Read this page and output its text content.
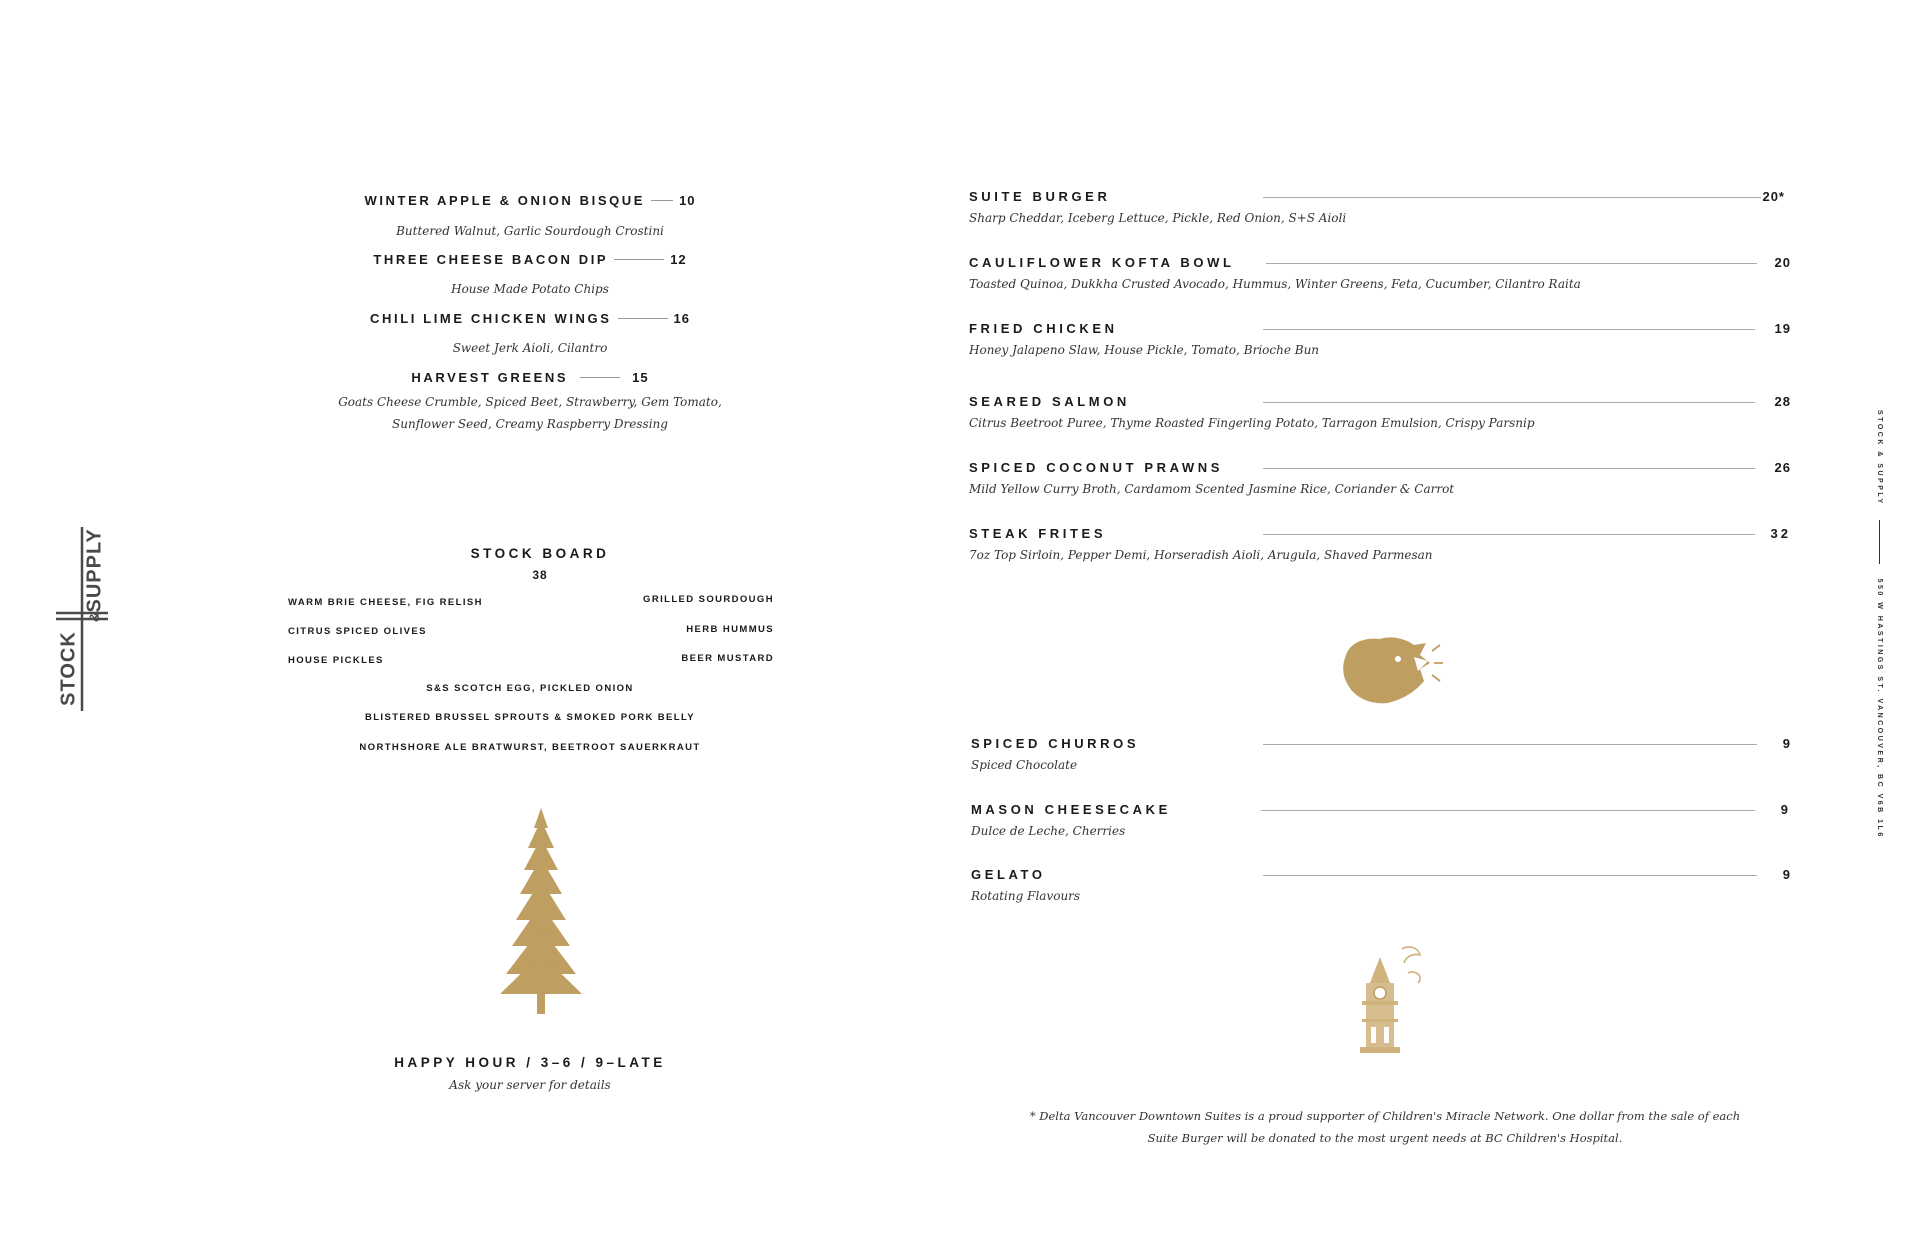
STOCK
SUPPLY
&
WINTER APPLE & ONION BISQUE	10
Buttered Walnut, Garlic Sourdough Crostini
THREE CHEESE BACON DIP	12
House Made Potato Chips
CHILI LIME CHICKEN WINGS	16
Sweet Jerk Aioli, Cilantro
HARVEST GREENS	15
Goats Cheese Crumble, Spiced Beet, Strawberry, Gem Tomato,
Sunflower Seed, Creamy Raspberry Dressing
STOCK BOARD
38
WARM BRIE CHEESE, FIG RELISH
CITRUS SPICED OLIVES
HOUSE PICKLES
GRILLED SOURDOUGH
HERB HUMMUS
BEER MUSTARD
S&S SCOTCH EGG, PICKLED ONION
BLISTERED BRUSSEL SPROUTS & SMOKED PORK BELLY
NORTHSHORE ALE BRATWURST, BEETROOT SAUERKRAUT
HAPPY HOUR / 3–6 / 9–LATE
Ask your server for details
SUITE BURGER	20*
Sharp Cheddar, Iceberg Lettuce, Pickle, Red Onion, S+S Aioli
CAULIFLOWER KOFTA BOWL	20
Toasted Quinoa, Dukkha Crusted Avocado, Hummus, Winter Greens, Feta, Cucumber, Cilantro Raita
FRIED CHICKEN	19
Honey Jalapeno Slaw, House Pickle, Tomato, Brioche Bun
SEARED SALMON	28
Citrus Beetroot Puree, Thyme Roasted Fingerling Potato, Tarragon Emulsion, Crispy Parsnip
SPICED COCONUT PRAWNS	26
Mild Yellow Curry Broth, Cardamom Scented Jasmine Rice, Coriander & Carrot
STEAK FRITES	32
7oz Top Sirloin, Pepper Demi, Horseradish Aioli, Arugula, Shaved Parmesan
SPICED CHURROS	9
Spiced Chocolate
MASON CHEESECAKE	9
Dulce de Leche, Cherries
GELATO	9
Rotating Flavours
* Delta Vancouver Downtown Suites is a proud supporter of Children's Miracle Network. One dollar from the sale of each
Suite Burger will be donated to the most urgent needs at BC Children's Hospital.
STOCK & SUPPLY  550 W HASTINGS ST. VANCOUVER, BC V6B 1L6
